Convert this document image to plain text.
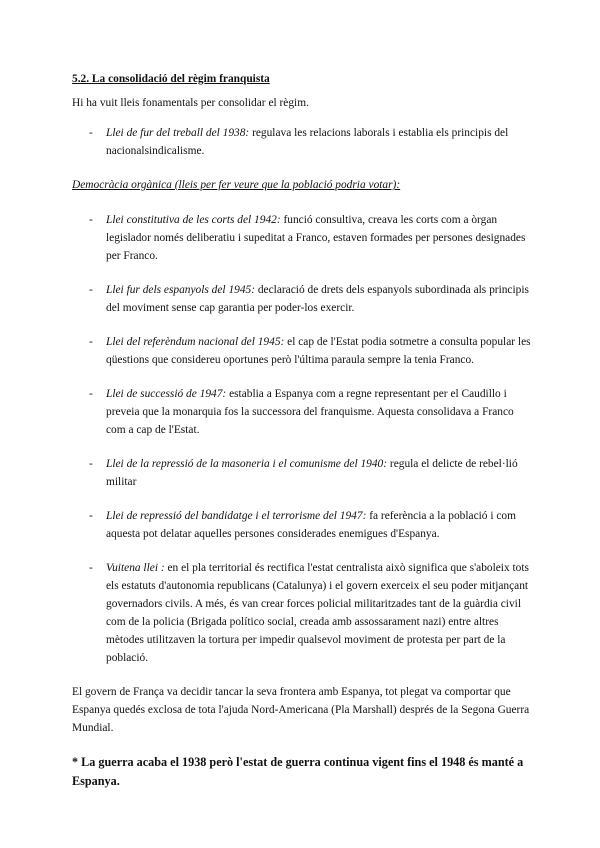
5.2. La consolidació del règim franquista

Hi ha vuit lleis fonamentals per consolidar el règim.

- Llei de fur del treball del 1938: regulava les relacions laborals i establia els principis del nacionalsindicalisme.

Democràcia orgànica (lleis per fer veure que la població podria votar):

- Llei constitutiva de les corts del 1942: funció consultiva, creava les corts com a òrgan legislador només deliberatiu i supeditat a Franco, estaven formades per persones designades per Franco.
- Llei fur dels espanyols del 1945: declaració de drets dels espanyols subordinada als principis del moviment sense cap garantia per poder-los exercir.
- Llei del referèndum nacional del 1945: el cap de l'Estat podia sotmetre a consulta popular les qüestions que considereu oportunes però l'última paraula sempre la tenia Franco.
- Llei de successió de 1947: establia a Espanya com a regne representant per el Caudillo i preveia que la monarquia fos la successora del franquisme. Aquesta consolidava a Franco com a cap de l'Estat.
- Llei de la repressió de la masoneria i el comunisme del 1940: regula el delicte de rebel·lió militar
- Llei de repressió del bandidatge i el terrorisme del 1947: fa referència a la població i com aquesta pot delatar aquelles persones considerades enemigues d'Espanya.
- Vuitena llei : en el pla territorial és rectifica l'estat centralista això significa que s'aboleix tots els estatuts d'autonomia republicans (Catalunya) i el govern exerceix el seu poder mitjançant governadors civils. A més, és van crear forces policial militaritzades tant de la guàrdia civil com de la policia (Brigada político social, creada amb assossarament nazi) entre altres mètodes utilitzaven la tortura per impedir qualsevol moviment de protesta per part de la població.

El govern de França va decidir tancar la seva frontera amb Espanya, tot plegat va comportar que Espanya quedés exclosa de tota l'ajuda Nord-Americana (Pla Marshall) després de la Segona Guerra Mundial.

* La guerra acaba el 1938 però l'estat de guerra continua vigent fins el 1948 és manté a Espanya.
